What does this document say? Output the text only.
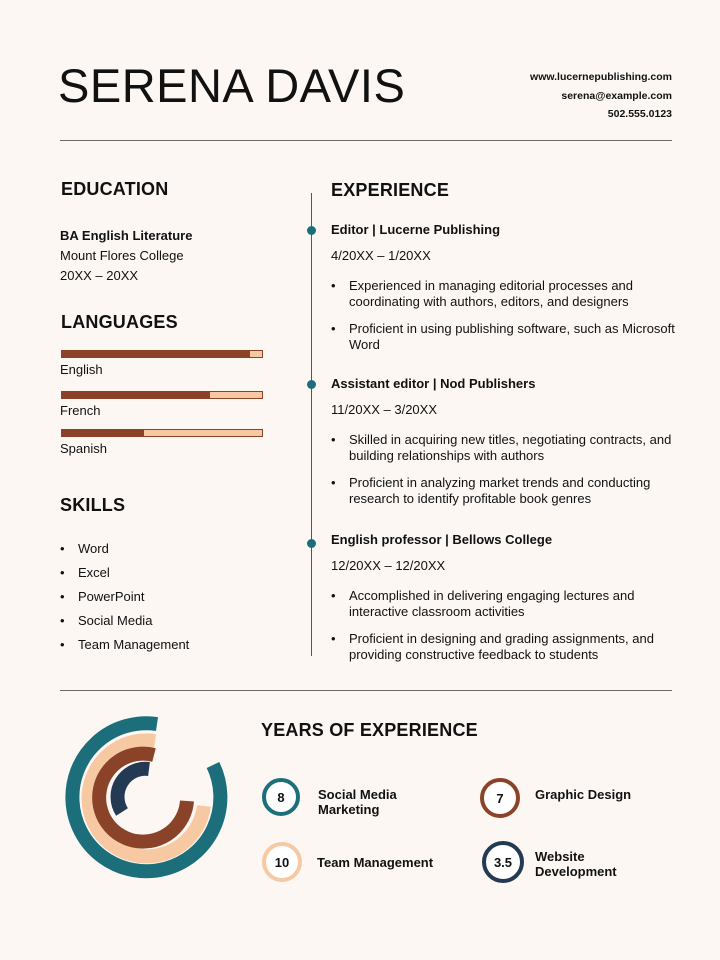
SERENA DAVIS	www.lucernepublishing.com
serena@example.com
502.555.0123
EDUCATION
BA English Literature
Mount Flores College
20XX – 20XX
LANGUAGES
English
French
Spanish
SKILLS
• Word
• Excel
• PowerPoint
• Social Media
• Team Management
EXPERIENCE
Editor | Lucerne Publishing
4/20XX – 1/20XX
• Experienced in managing editorial processes and coordinating with authors, editors, and designers
• Proficient in using publishing software, such as Microsoft Word
Assistant editor | Nod Publishers
11/20XX – 3/20XX
• Skilled in acquiring new titles, negotiating contracts, and building relationships with authors
• Proficient in analyzing market trends and conducting research to identify profitable book genres
English professor | Bellows College
12/20XX – 12/20XX
• Accomplished in delivering engaging lectures and interactive classroom activities
• Proficient in designing and grading assignments, and providing constructive feedback to students
YEARS OF EXPERIENCE
8	Social Media Marketing
7	Graphic Design
10	Team Management	3.5	Website Development
